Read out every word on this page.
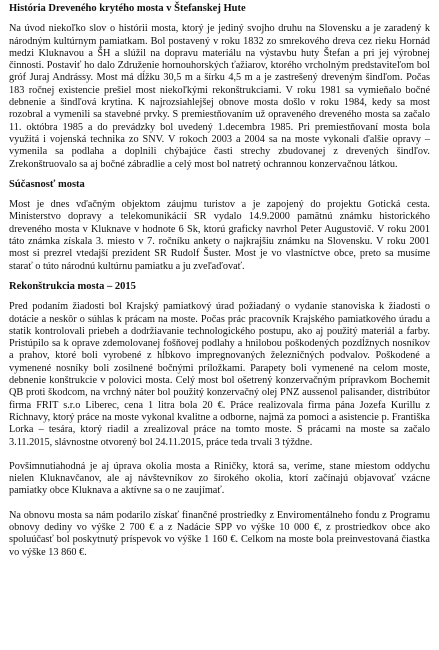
História Dreveného krytého mosta v Štefanskej Hute

Na úvod niekoľko slov o histórii mosta, ktorý je jediný svojho druhu na Slovensku a je zaradený k národným kultúrnym pamiatkam. Bol postavený v roku 1832 zo smrekového dreva cez rieku Hornád medzi Kluknavou a ŠH a slúžil na dopravu materiálu na výstavbu huty Štefan a pri jej výrobnej činnosti. Postaviť ho dalo Združenie hornouhorských ťažiarov, ktorého vrcholným predstaviteľom bol gróf Juraj Andrássy. Most má dĺžku 30,5 m a šírku 4,5 m a je zastrešený dreveným šindľom. Počas 183 ročnej existencie prešiel most niekoľkými rekonštrukciami. V roku 1981 sa vymieňalo bočné debnenie a šindľová krytina. K najrozsiahlejšej obnove mosta došlo v roku 1984, kedy sa most rozobral a vymenili sa stavebné prvky. S premiestňovaním už opraveného dreveného mosta sa začalo 11. októbra 1985 a do prevádzky bol uvedený 1.decembra 1985. Pri premiestňovaní mosta bola využitá i vojenská technika zo SNV. V rokoch 2003 a 2004 sa na moste vykonali ďalšie opravy – vymenila sa podlaha a doplnili chýbajúce časti strechy zbudovanej z drevených šindľov. Zrekonštruovalo sa aj bočné zábradlie a celý most bol natretý ochrannou konzervačnou látkou.

Súčasnosť mosta

Most je dnes vďačným objektom záujmu turistov a je zapojený do projektu Gotická cesta. Ministerstvo dopravy a telekomunikácií SR vydalo 14.9.2000 pamätnú známku historického dreveného mosta v Kluknave v hodnote 6 Sk, ktorú graficky navrhol Peter Augustovič. V roku 2001 táto známka získala 3. miesto v 7. ročníku ankety o najkrajšiu známku na Slovensku. V roku 2001 most si prezrel vtedajší prezident SR Rudolf Šuster. Most je vo vlastníctve obce, preto sa musíme starať o túto národnú kultúrnu pamiatku a ju zveľaďovať.

Rekonštrukcia mosta – 2015

Pred podaním žiadosti bol Krajský pamiatkový úrad požiadaný o vydanie stanoviska k žiadosti o dotácie a neskôr o súhlas k prácam na moste. Počas prác pracovník Krajského pamiatkového úradu a statik kontrolovali priebeh a dodržiavanie technologického postupu, ako aj použitý materiál a farby. Pristúpilo sa k oprave zdemolovanej fošňovej podlahy a hnilobou poškodených pozdĺžnych nosníkov a prahov, ktoré boli vyrobené z hĺbkovo impregnovaných železničných podvalov. Poškodené a vymenené nosníky boli zosilnené bočnými príložkami. Parapety boli vymenené na celom moste, debnenie konštrukcie v polovici mosta. Celý most bol ošetrený konzervačným prípravkom Bochemit QB proti škodcom, na vrchný náter bol použitý konzervačný olej PNZ aussenol palisander, distribútor firma FRIT s.r.o Liberec, cena 1 litra bola 20 €. Práce realizovala firma pána Jozefa Kurillu z Richnavy, ktorý práce na moste vykonal kvalitne a odborne, najmä za pomoci a asistencie p. Františka Lorka – tesára, ktorý riadil a zrealizoval práce na tomto moste. S prácami na moste sa začalo 3.11.2015, slávnostne otvorený bol 24.11.2015, práce teda trvali 3 týždne.

Povšimnutiahodná je aj úprava okolia mosta a Riničky, ktorá sa, veríme, stane miestom oddychu nielen Kluknavčanov, ale aj návštevníkov zo širokého okolia, ktorí začínajú objavovať vzácne pamiatky obce Kluknava a aktívne sa o ne zaujímať.

Na obnovu mosta sa nám podarilo získať finančné prostriedky z Enviromentálneho fondu z Programu obnovy dediny vo výške 2 700 € a z Nadácie SPP vo výške 10 000 €, z prostriedkov obce ako spoluúčasť bol poskytnutý príspevok vo výške 1 160 €. Celkom na moste bola preinvestovaná čiastka vo výške 13 860 €.
